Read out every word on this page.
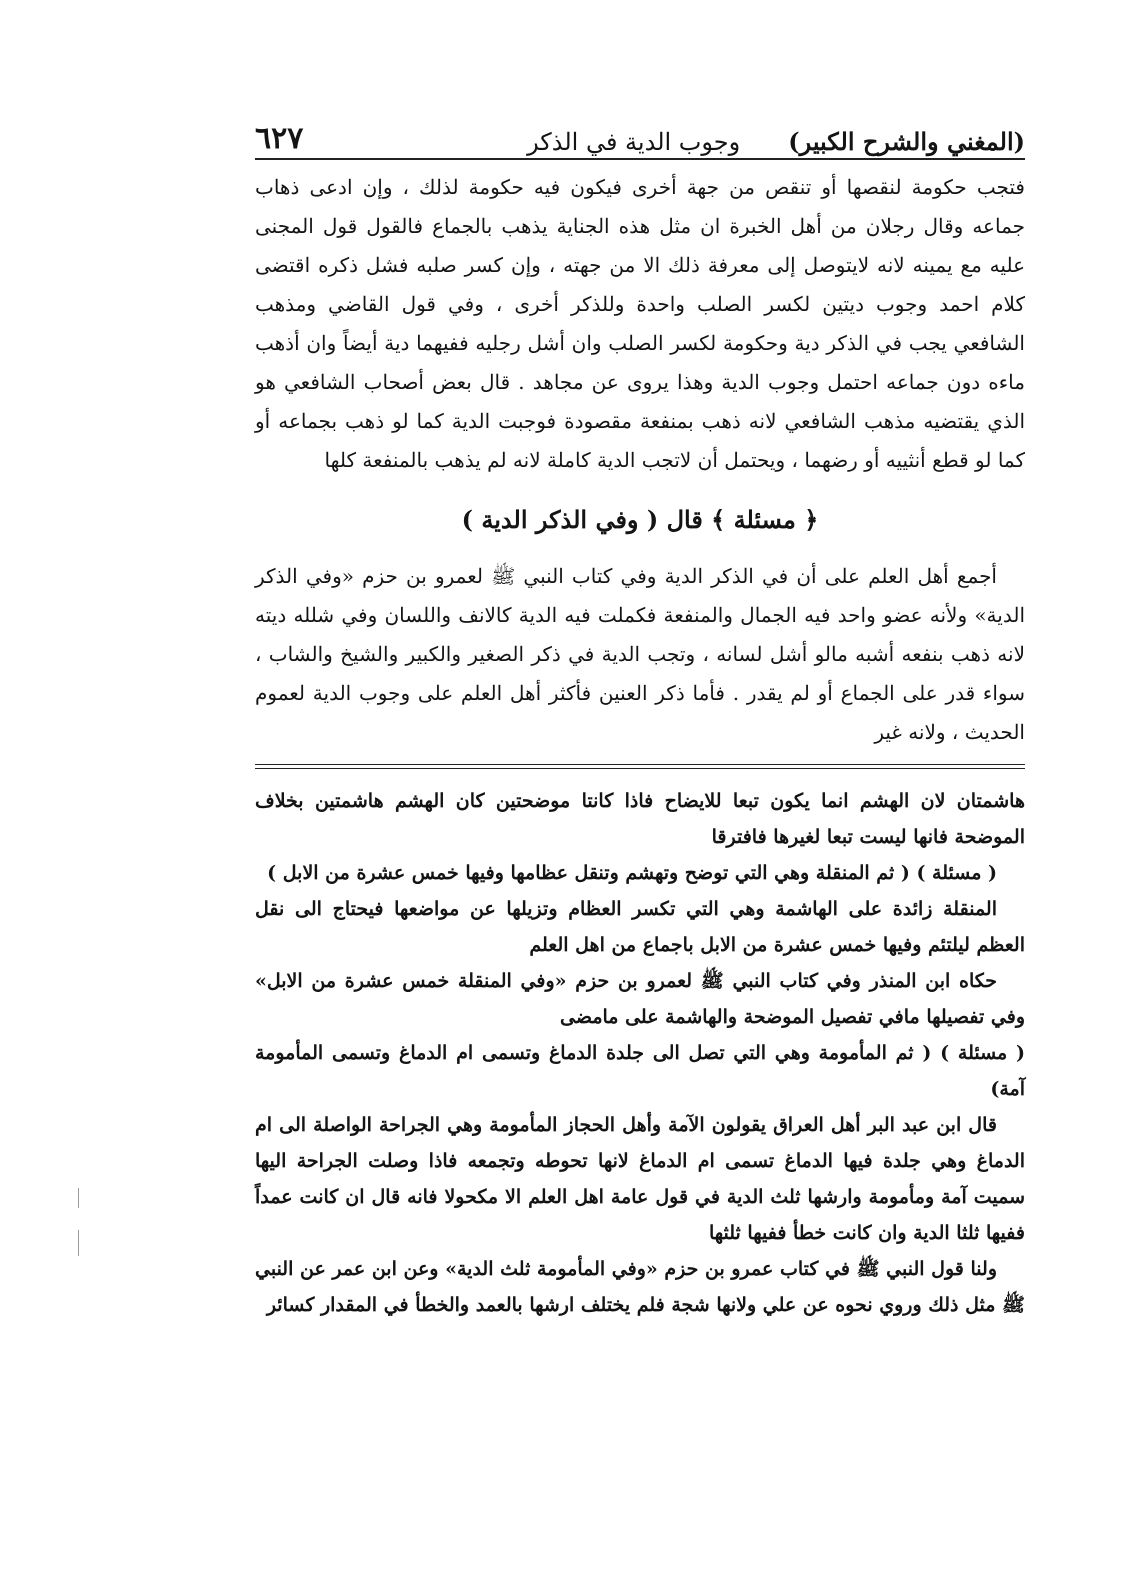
(المغني والشرح الكبير)
وجوب الدية في الذكر
٦٢٧

فتجب حكومة لنقصها أو تنقص من جهة أخرى فيكون فيه حكومة لذلك ، وإن ادعى ذهاب جماعه وقال رجلان من أهل الخبرة ان مثل هذه الجناية يذهب بالجماع فالقول قول المجنى عليه مع يمينه لانه لايتوصل إلى معرفة ذلك الا من جهته ، وإن كسر صلبه فشل ذكره اقتضى كلام احمد وجوب ديتين لكسر الصلب واحدة وللذكر أخرى ، وفي قول القاضي ومذهب الشافعي يجب في الذكر دية وحكومة لكسر الصلب وان أشل رجليه ففيهما دية أيضاً وان أذهب ماءه دون جماعه احتمل وجوب الدية وهذا يروى عن مجاهد . قال بعض أصحاب الشافعي هو الذي يقتضيه مذهب الشافعي لانه ذهب بمنفعة مقصودة فوجبت الدية كما لو ذهب بجماعه أو كما لو قطع أنثييه أو رضهما ، ويحتمل أن لاتجب الدية كاملة لانه لم يذهب بالمنفعة كلها

﴿ مسئلة ﴾ قال ( وفي الذكر الدية )

أجمع أهل العلم على أن في الذكر الدية وفي كتاب النبي ﷺ لعمرو بن حزم «وفي الذكر الدية» ولأنه عضو واحد فيه الجمال والمنفعة فكملت فيه الدية كالانف واللسان وفي شلله ديته لانه ذهب بنفعه أشبه مالو أشل لسانه ، وتجب الدية في ذكر الصغير والكبير والشيخ والشاب ، سواء قدر على الجماع أو لم يقدر . فأما ذكر العنين فأكثر أهل العلم على وجوب الدية لعموم الحديث ، ولانه غير

هاشمتان لان الهشم انما يكون تبعا للايضاح فاذا كانتا موضحتين كان الهشم هاشمتين بخلاف الموضحة فانها ليست تبعا لغيرها فافترقا

( مسئلة ) ( ثم المنقلة وهي التي توضح وتهشم وتنقل عظامها وفيها خمس عشرة من الابل )

المنقلة زائدة على الهاشمة وهي التي تكسر العظام وتزيلها عن مواضعها فيحتاج الى نقل العظم ليلتئم وفيها خمس عشرة من الابل باجماع من اهل العلم

حكاه ابن المنذر وفي كتاب النبي ﷺ لعمرو بن حزم «وفي المنقلة خمس عشرة من الابل» وفي تفصيلها مافي تفصيل الموضحة والهاشمة على مامضى

( مسئلة ) ( ثم المأمومة وهي التي تصل الى جلدة الدماغ وتسمى ام الدماغ وتسمى المأمومة آمة)

قال ابن عبد البر أهل العراق يقولون الآمة وأهل الحجاز المأمومة وهي الجراحة الواصلة الى ام الدماغ وهي جلدة فيها الدماغ تسمى ام الدماغ لانها تحوطه وتجمعه فاذا وصلت الجراحة اليها سميت آمة ومأمومة وارشها ثلث الدية في قول عامة اهل العلم الا مكحولا فانه قال ان كانت عمداً ففيها ثلثا الدية وان كانت خطأ ففيها ثلثها

ولنا قول النبي ﷺ في كتاب عمرو بن حزم «وفي المأمومة ثلث الدية» وعن ابن عمر عن النبي ﷺ مثل ذلك وروي نحوه عن علي ولانها شجة فلم يختلف ارشها بالعمد والخطأ في المقدار كسائر
